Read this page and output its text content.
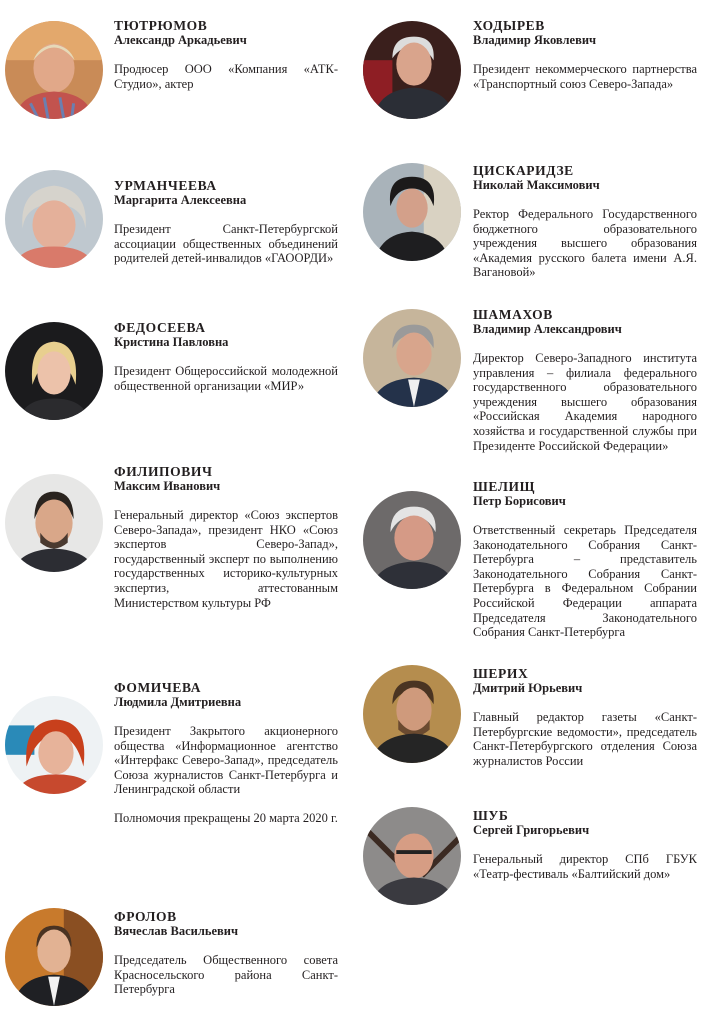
ТЮТРЮМОВ
Александр Аркадьевич
Продюсер ООО «Компания «АТК-Студио», актер
УРМАНЧЕЕВА
Маргарита Алексеевна
Президент Санкт-Петербургской ассоциации общественных объединений родителей детей-инвалидов «ГАООРДИ»
ФЕДОСЕЕВА
Кристина Павловна
Президент Общероссийской молодежной общественной организации «МИР»
ФИЛИПОВИЧ
Максим Иванович
Генеральный директор «Союз экспертов Северо-Запада», президент НКО «Союз экспертов Северо-Запад», государственный эксперт по выполнению государственных историко-культурных экспертиз, аттестованным Министерством культуры РФ
ФОМИЧЕВА
Людмила Дмитриевна
Президент Закрытого акционерного общества «Информационное агентство «Интерфакс Северо-Запад», председатель Союза журналистов Санкт-Петербурга и Ленинградской области
Полномочия прекращены 20 марта 2020 г.
ФРОЛОВ
Вячеслав Васильевич
Председатель Общественного совета Красносельского района Санкт-Петербурга
ХОДЫРЕВ
Владимир Яковлевич
Президент некоммерческого партнерства «Транспортный союз Северо-Запада»
ЦИСКАРИДЗЕ
Николай Максимович
Ректор Федерального Государственного бюджетного образовательного учреждения высшего образования «Академия русского балета имени А.Я. Вагановой»
ШАМАХОВ
Владимир Александрович
Директор Северо-Западного института управления – филиала федерального государственного образовательного учреждения высшего образования «Российская Академия народного хозяйства и государственной службы при Президенте Российской Федерации»
ШЕЛИЩ
Петр Борисович
Ответственный секретарь Председателя Законодательного Собрания Санкт-Петербурга – представитель Законодательного Собрания Санкт-Петербурга в Федеральном Собрании Российской Федерации аппарата Председателя Законодательного Собрания Санкт-Петербурга
ШЕРИХ
Дмитрий Юрьевич
Главный редактор газеты «Санкт-Петербургские ведомости», председатель Санкт-Петербургского отделения Союза журналистов России
ШУБ
Сергей Григорьевич
Генеральный директор СПб ГБУК «Театр-фестиваль «Балтийский дом»
